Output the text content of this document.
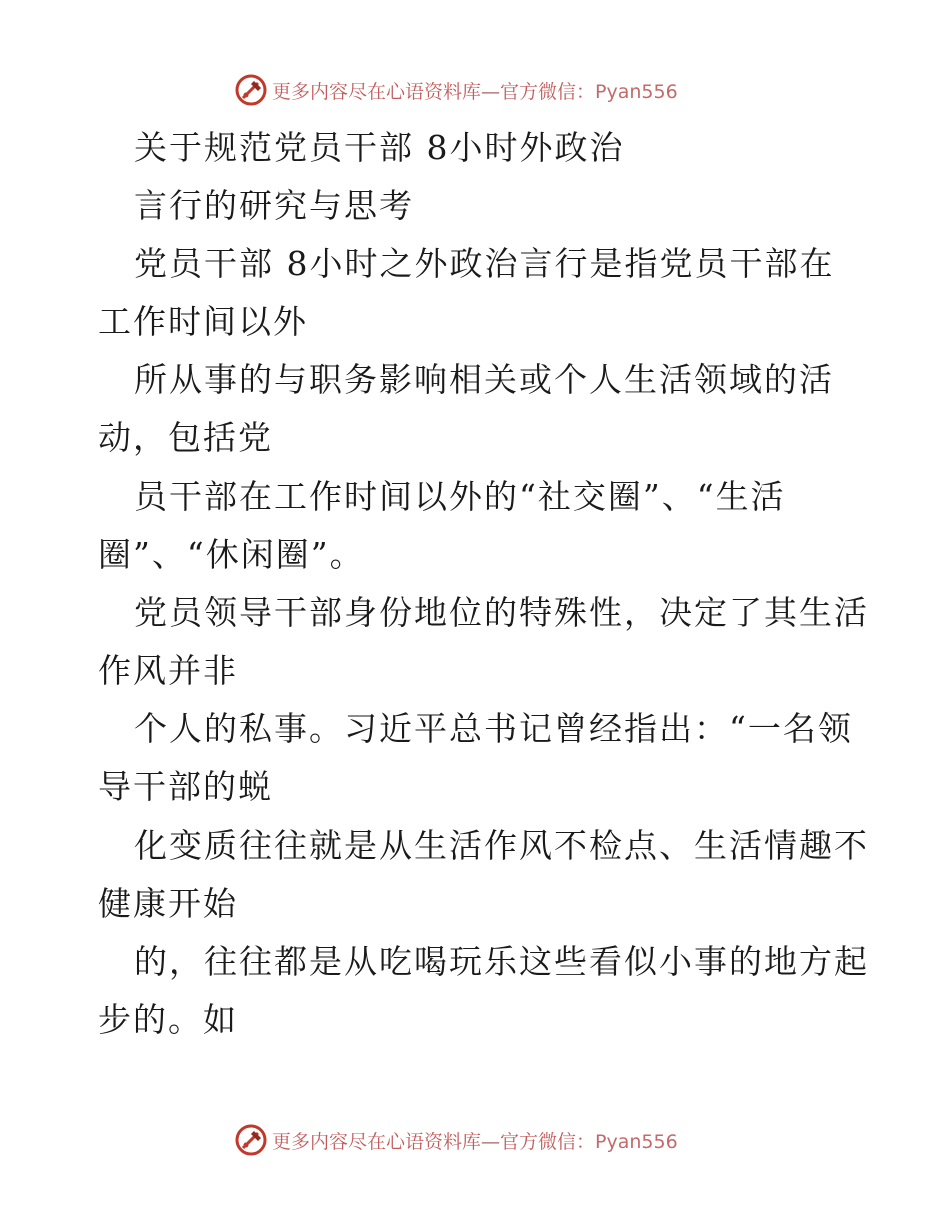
更多内容尽在心语资料库—官方微信：Pyan556
关于规范党员干部 8小时外政治
言行的研究与思考
党员干部 8小时之外政治言行是指党员干部在
工作时间以外
所从事的与职务影响相关或个人生活领域的活
动，包括党
员干部在工作时间以外的“社交圈”、“生活
圈”、“休闲圈”。
党员领导干部身份地位的特殊性，决定了其生活
作风并非
个人的私事。习近平总书记曾经指出：“一名领
导干部的蜕
化变质往往就是从生活作风不检点、生活情趣不
健康开始
的，往往都是从吃喝玩乐这些看似小事的地方起
步的。如
更多内容尽在心语资料库—官方微信：Pyan556
